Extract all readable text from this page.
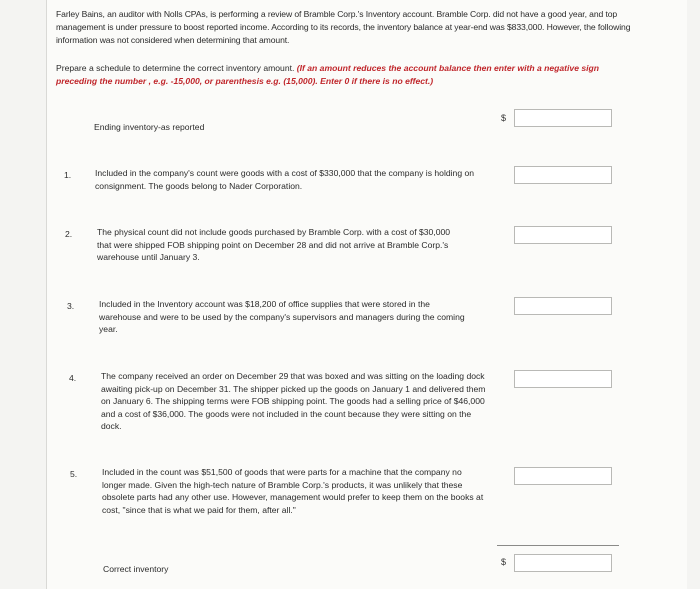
Farley Bains, an auditor with Nolls CPAs, is performing a review of Bramble Corp.'s Inventory account. Bramble Corp. did not have a good year, and top management is under pressure to boost reported income. According to its records, the inventory balance at year-end was $833,000. However, the following information was not considered when determining that amount.
Prepare a schedule to determine the correct inventory amount. (If an amount reduces the account balance then enter with a negative sign preceding the number , e.g. -15,000, or parenthesis e.g. (15,000). Enter 0 if there is no effect.)
Ending inventory-as reported
$
1.	Included in the company's count were goods with a cost of $330,000 that the company is holding on consignment. The goods belong to Nader Corporation.
2.	The physical count did not include goods purchased by Bramble Corp. with a cost of $30,000 that were shipped FOB shipping point on December 28 and did not arrive at Bramble Corp.'s warehouse until January 3.
3.	Included in the Inventory account was $18,200 of office supplies that were stored in the warehouse and were to be used by the company's supervisors and managers during the coming year.
4.	The company received an order on December 29 that was boxed and was sitting on the loading dock awaiting pick-up on December 31. The shipper picked up the goods on January 1 and delivered them on January 6. The shipping terms were FOB shipping point. The goods had a selling price of $46,000 and a cost of $36,000. The goods were not included in the count because they were sitting on the dock.
5.	Included in the count was $51,500 of goods that were parts for a machine that the company no longer made. Given the high-tech nature of Bramble Corp.'s products, it was unlikely that these obsolete parts had any other use. However, management would prefer to keep them on the books at cost, "since that is what we paid for them, after all."
Correct inventory
$
